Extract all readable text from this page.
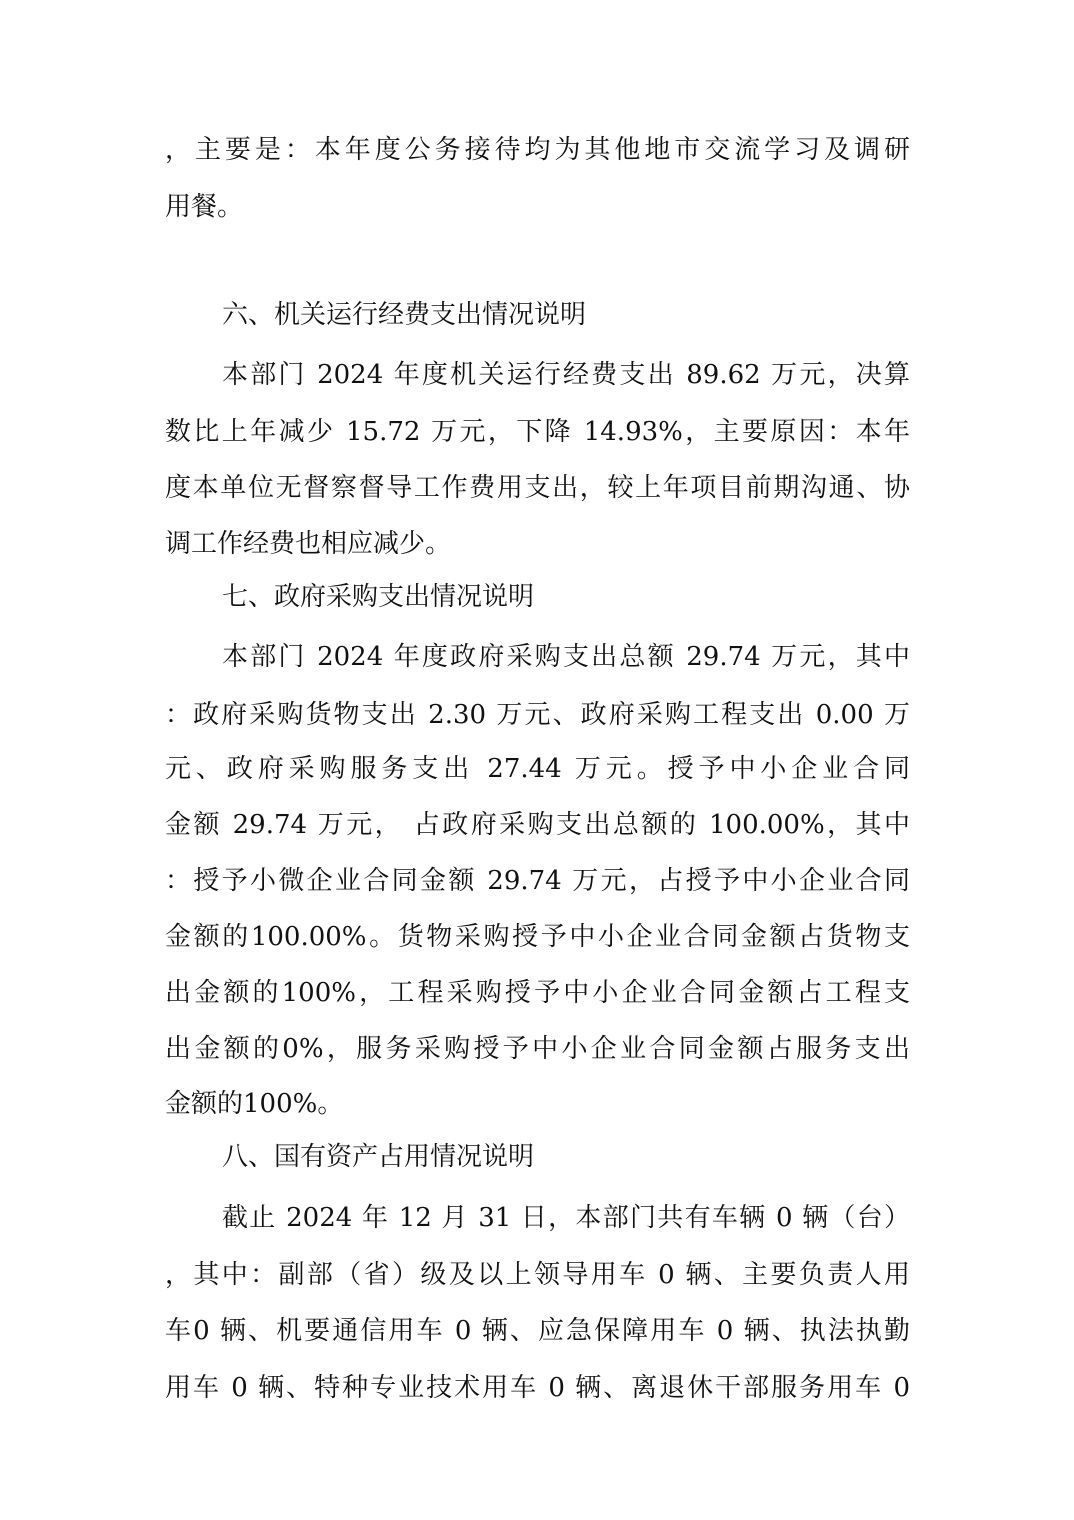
，主要是：本年度公务接待均为其他地市交流学习及调研
用餐。
六、机关运行经费支出情况说明
本部门 2024 年度机关运行经费支出 89.62 万元，决算
数比上年减少 15.72 万元，下降 14.93%，主要原因：本年
度本单位无督察督导工作费用支出，较上年项目前期沟通、协
调工作经费也相应减少。
七、政府采购支出情况说明
本部门 2024 年度政府采购支出总额 29.74 万元，其中
：政府采购货物支出 2.30 万元、政府采购工程支出 0.00 万
元、政府采购服务支出 27.44 万元。授予中小企业合同
金额 29.74 万元， 占政府采购支出总额的 100.00%，其中
：授予小微企业合同金额 29.74 万元，占授予中小企业合同
金额的100.00%。货物采购授予中小企业合同金额占货物支
出金额的100%，工程采购授予中小企业合同金额占工程支
出金额的0%，服务采购授予中小企业合同金额占服务支出
金额的100%。
八、国有资产占用情况说明
截止 2024 年 12 月 31 日，本部门共有车辆 0 辆（台）
，其中：副部（省）级及以上领导用车 0 辆、主要负责人用
车0 辆、机要通信用车 0 辆、应急保障用车 0 辆、执法执勤
用车 0 辆、特种专业技术用车 0 辆、离退休干部服务用车 0
